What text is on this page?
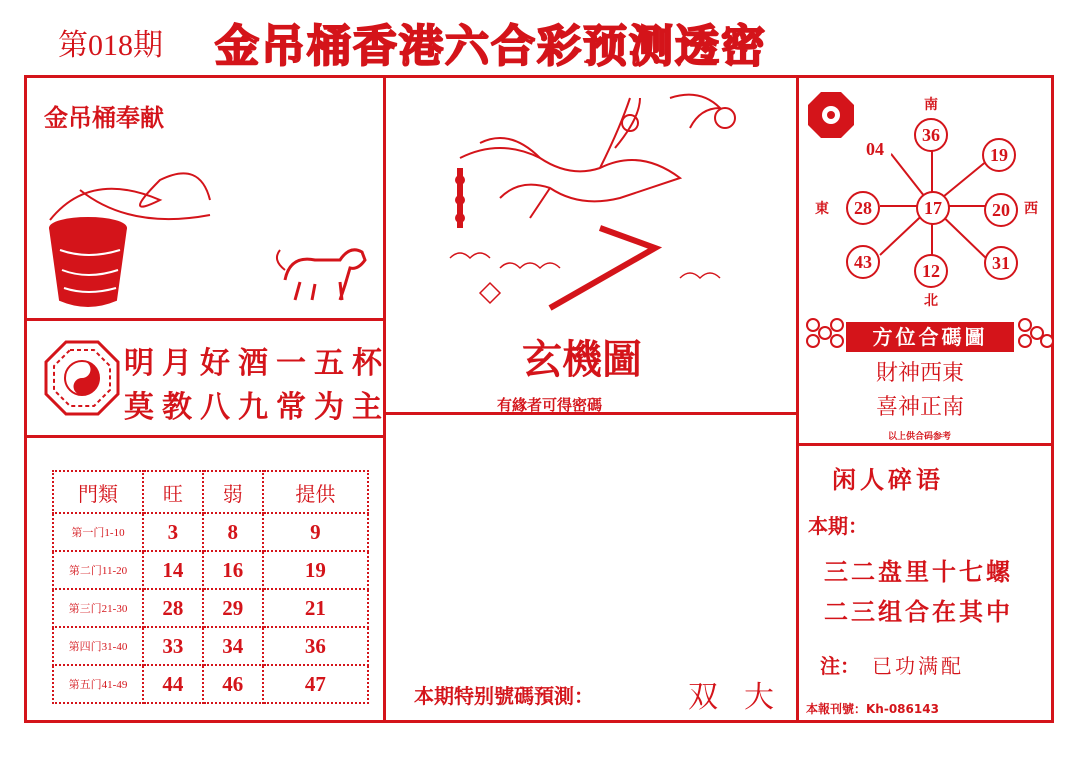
第018期 金吊桶香港六合彩预测透密
金吊桶奉献
明月好酒一五杯
莫教八九常为主
門類	旺	弱	提供
第一门1-10	3	8	9
第二门11-20	14	16	19
第三门21-30	28	29	21
第四门31-40	33	34	36
第五门41-49	44	46	47
玄機圖
有緣者可得密碼
本期特别號碼預測：	双 大
南
北
東	西
36
04	19
28	17	20
43	12	31
方位合碼圖
財神西東
喜神正南
以上供合码参考
闲人碎语
本期：
三二盘里十七螺
二三组合在其中
注： 已功满配
本報刊號：Kh-086143
